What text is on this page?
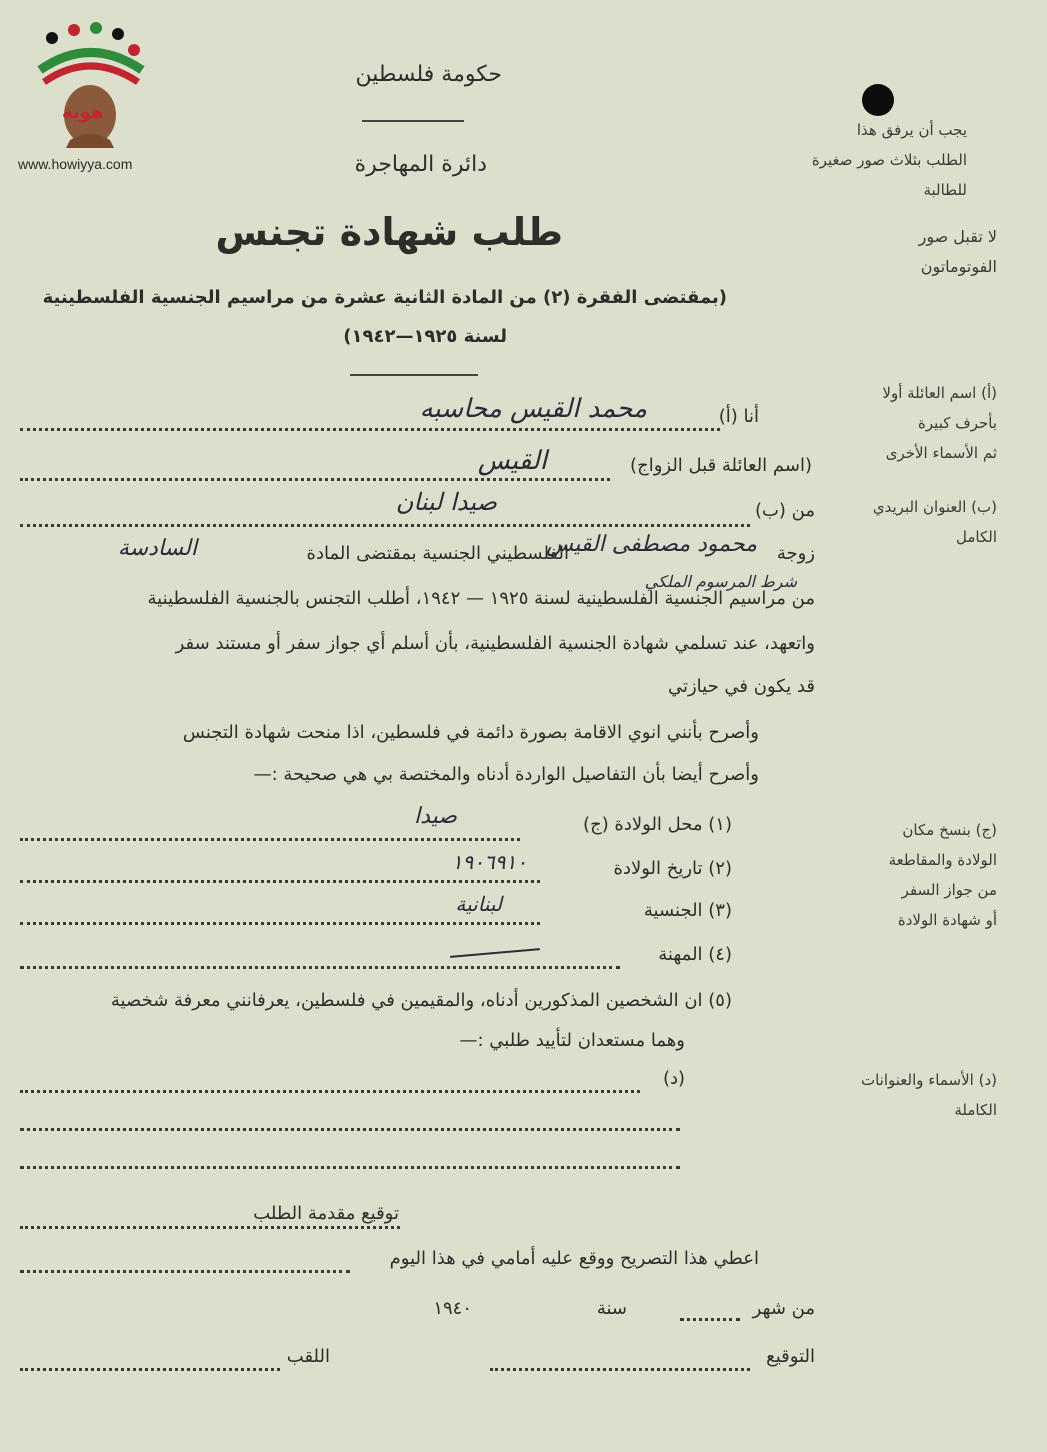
هوية
www.howiyya.com
حكومة فلسطين
دائرة المهاجرة
طلب شهادة تجنس
(بمقتضى الفقرة (٢) من المادة الثانية عشرة من مراسيم الجنسية الفلسطينية
لسنة ١٩٢٥—١٩٤٢)
يجب أن يرفق هذا
الطلب بثلاث صور صغيرة
للطالبة
لا تقبل صور
الفوتوماتون
(أ) اسم العائلة أولا
بأحرف كبيرة
ثم الأسماء الأخرى
(ب) العنوان البريدي
الكامل
(ج) بنسخ مكان
الولادة والمقاطعة
من جواز السفر
أو شهادة الولادة
(د) الأسماء والعنوانات
الكاملة
أنا (أ)
محمد القيس محاسبه
(اسم العائلة قبل الزواج)
القيس
من (ب)
صيدا لبنان
زوجة
محمود مصطفى القيس
الفلسطيني الجنسية بمقتضى المادة
السادسة
شرط المرسوم الملكي
من مراسيم الجنسية الفلسطينية لسنة ١٩٢٥ — ١٩٤٢، أطلب التجنس بالجنسية الفلسطينية
واتعهد، عند تسلمي شهادة الجنسية الفلسطينية، بأن أسلم أي جواز سفر أو مستند سفر
قد يكون في حيازتي
وأصرح بأنني انوي الاقامة بصورة دائمة في فلسطين، اذا منحت شهادة التجنس
وأصرح أيضا بأن التفاصيل الواردة أدناه والمختصة بي هي صحيحة :—
(١) محل الولادة (ج)
صيدا
(٢) تاريخ الولادة
١٩٠٦٩١٠
(٣) الجنسية
لبنانية
(٤) المهنة
(٥) ان الشخصين المذكورين أدناه، والمقيمين في فلسطين، يعرفانني معرفة شخصية
وهما مستعدان لتأييد طلبي :—
(د)
توقيع مقدمة الطلب
اعطي هذا التصريح ووقع عليه أمامي في هذا اليوم
من شهر
سنة
١٩٤٠
التوقيع
اللقب
